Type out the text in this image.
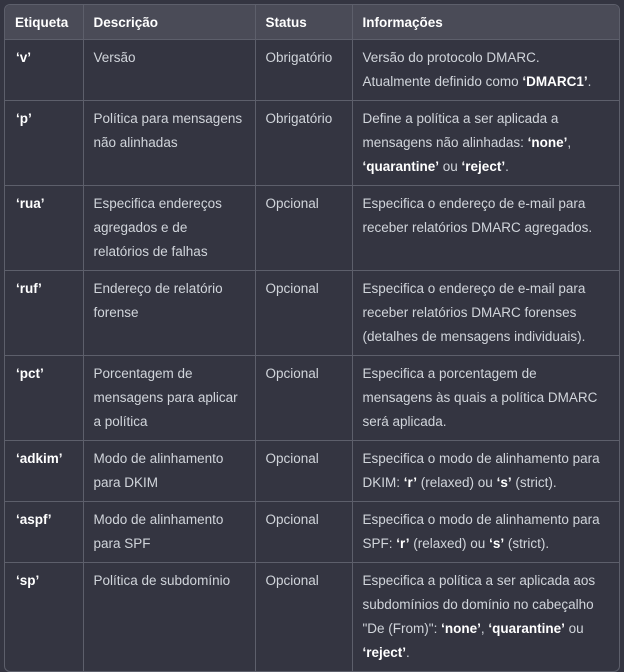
Etiqueta	Descrição	Status	Informações
‘v’	Versão	Obrigatório	Versão do protocolo DMARC. Atualmente definido como ‘DMARC1’.
‘p’	Política para mensagens não alinhadas	Obrigatório	Define a política a ser aplicada a mensagens não alinhadas: ‘none’, ‘quarantine’ ou ‘reject’.
‘rua’	Especifica endereços agregados e de relatórios de falhas	Opcional	Especifica o endereço de e-mail para receber relatórios DMARC agregados.
‘ruf’	Endereço de relatório forense	Opcional	Especifica o endereço de e-mail para receber relatórios DMARC forenses (detalhes de mensagens individuais).
‘pct’	Porcentagem de mensagens para aplicar a política	Opcional	Especifica a porcentagem de mensagens às quais a política DMARC será aplicada.
‘adkim’	Modo de alinhamento para DKIM	Opcional	Especifica o modo de alinhamento para DKIM: ‘r’ (relaxed) ou ‘s’ (strict).
‘aspf’	Modo de alinhamento para SPF	Opcional	Especifica o modo de alinhamento para SPF: ‘r’ (relaxed) ou ‘s’ (strict).
‘sp’	Política de subdomínio	Opcional	Especifica a política a ser aplicada aos subdomínios do domínio no cabeçalho "De (From)": ‘none’, ‘quarantine’ ou ‘reject’.
